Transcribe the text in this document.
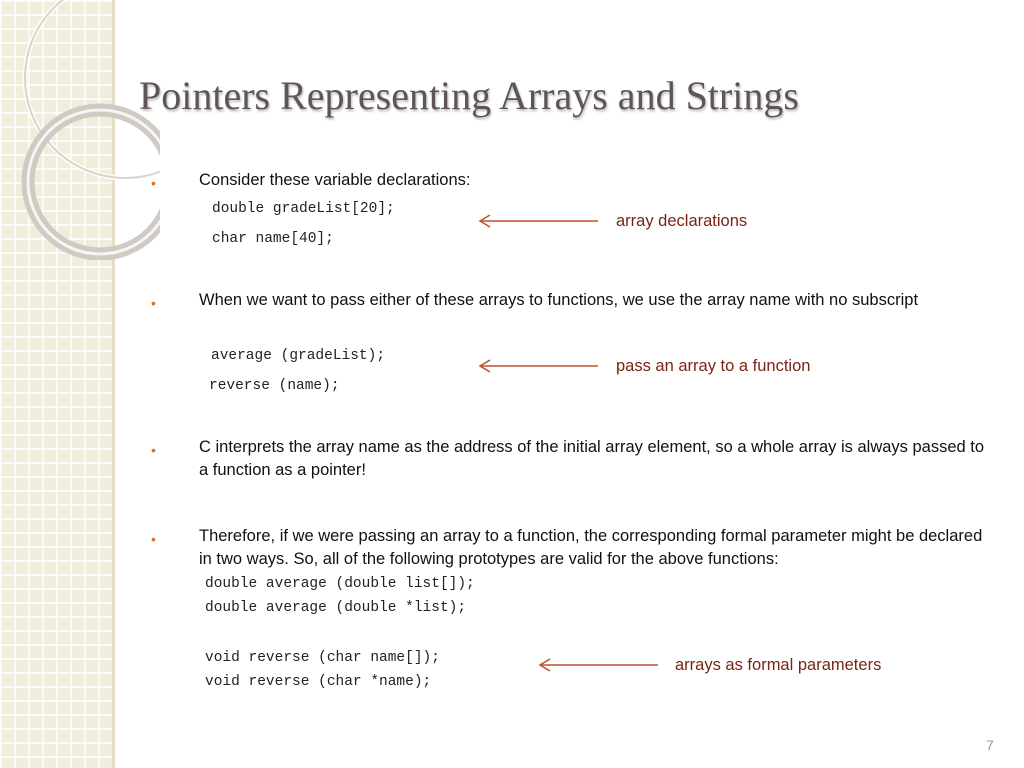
Pointers Representing Arrays and Strings
•	Consider these variable declarations:
double gradeList[20];
char name[40];
array declarations
•	When we want to pass either of these arrays to functions, we use the array name with no subscript
average (gradeList);
reverse (name);
pass an array to a function
•	C interprets the array name as the address of the initial array element, so a whole array is always passed to a function as a pointer!
•	Therefore, if we were passing an array to a function, the corresponding formal parameter might be declared in two ways. So, all of the following prototypes are valid for the above functions:
double average (double list[]);
double average (double *list);
void reverse (char name[]);
void reverse (char *name);
arrays as formal parameters
7
